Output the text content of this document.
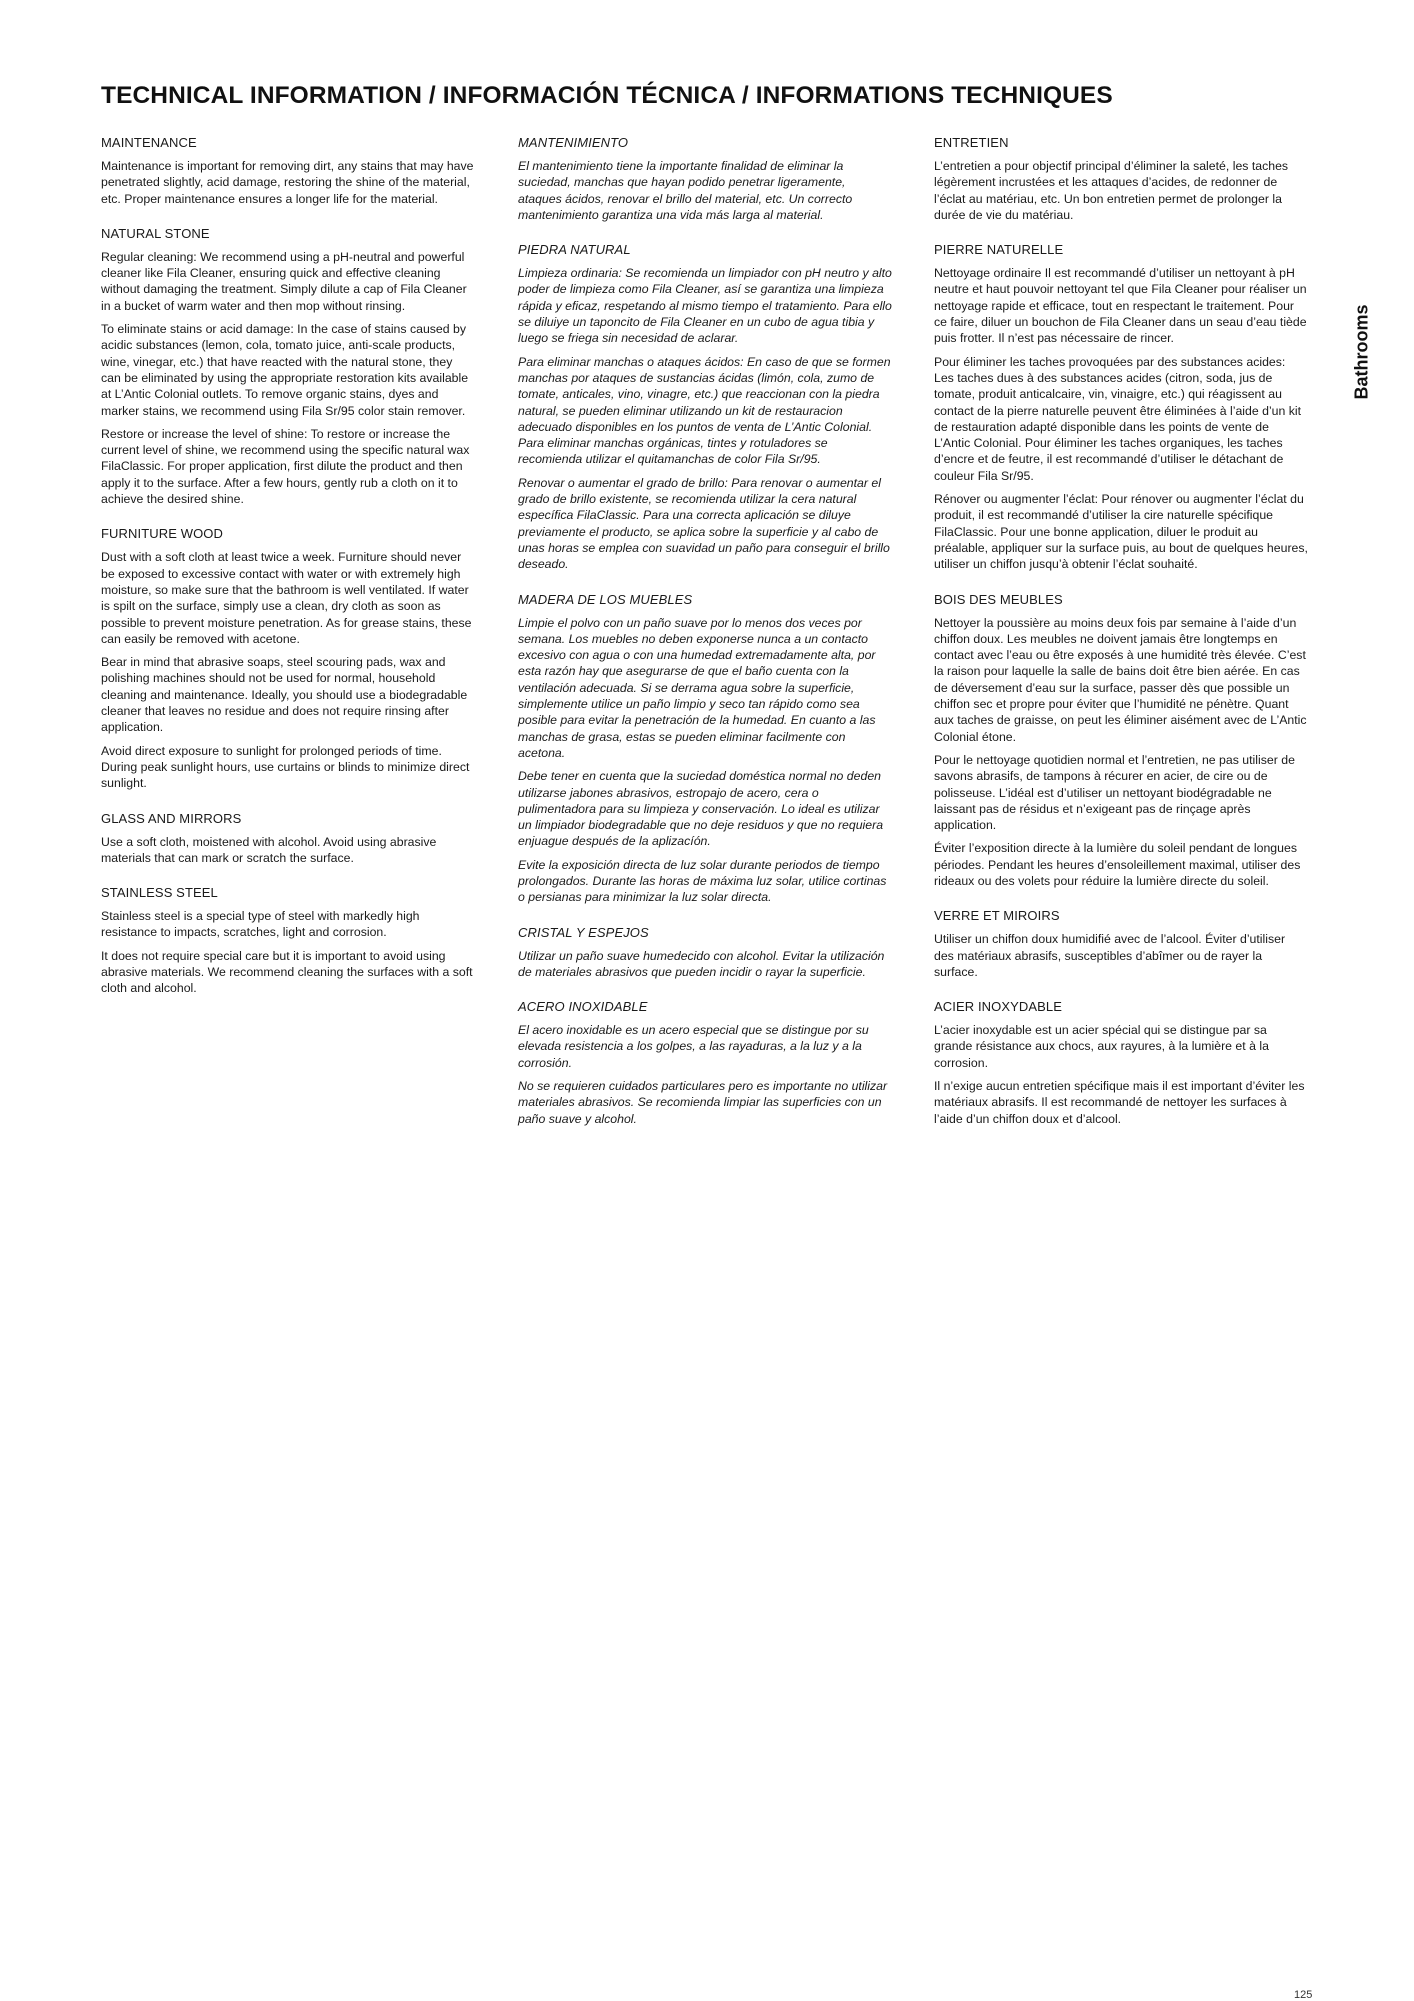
TECHNICAL INFORMATION / INFORMACIÓN TÉCNICA / INFORMATIONS TECHNIQUES
MAINTENANCE

Maintenance is important for removing dirt, any stains that may have penetrated slightly, acid damage, restoring the shine of the material, etc. Proper maintenance ensures a longer life for the material.

NATURAL STONE

Regular cleaning: We recommend using a pH-neutral and powerful cleaner like Fila Cleaner, ensuring quick and effective cleaning without damaging the treatment. Simply dilute a cap of Fila Cleaner in a bucket of warm water and then mop without rinsing.

To eliminate stains or acid damage: In the case of stains caused by acidic substances (lemon, cola, tomato juice, anti-scale products, wine, vinegar, etc.) that have reacted with the natural stone, they can be eliminated by using the appropriate restoration kits available at L’Antic Colonial outlets. To remove organic stains, dyes and marker stains, we recommend using Fila Sr/95 color stain remover.

Restore or increase the level of shine: To restore or increase the current level of shine, we recommend using the specific natural wax FilaClassic. For proper application, first dilute the product and then apply it to the surface. After a few hours, gently rub a cloth on it to achieve the desired shine.

FURNITURE WOOD

Dust with a soft cloth at least twice a week. Furniture should never be exposed to excessive contact with water or with extremely high moisture, so make sure that the bathroom is well ventilated. If water is spilt on the surface, simply use a clean, dry cloth as soon as possible to prevent moisture penetration. As for grease stains, these can easily be removed with acetone.

Bear in mind that abrasive soaps, steel scouring pads, wax and polishing machines should not be used for normal, household cleaning and maintenance. Ideally, you should use a biodegradable cleaner that leaves no residue and does not require rinsing after application.

Avoid direct exposure to sunlight for prolonged periods of time. During peak sunlight hours, use curtains or blinds to minimize direct sunlight.

GLASS AND MIRRORS

Use a soft cloth, moistened with alcohol. Avoid using abrasive materials that can mark or scratch the surface.

STAINLESS STEEL

Stainless steel is a special type of steel with markedly high resistance to impacts, scratches, light and corrosion.

It does not require special care but it is important to avoid using abrasive materials. We recommend cleaning the surfaces with a soft cloth and alcohol.

MANTENIMIENTO

El mantenimiento tiene la importante finalidad de eliminar la suciedad, manchas que hayan podido penetrar ligeramente, ataques ácidos, renovar el brillo del material, etc. Un correcto mantenimiento garantiza una vida más larga al material.

PIEDRA NATURAL

Limpieza ordinaria: Se recomienda un limpiador con pH neutro y alto poder de limpieza como Fila Cleaner, así se garantiza una limpieza rápida y eficaz, respetando al mismo tiempo el tratamiento. Para ello se diluiye un taponcito de Fila Cleaner en un cubo de agua tibia y luego se friega sin necesidad de aclarar.

Para eliminar manchas o ataques ácidos: En caso de que se formen manchas por ataques de sustancias ácidas (limón, cola, zumo de tomate, anticales, vino, vinagre, etc.) que reaccionan con la piedra natural, se pueden eliminar utilizando un kit de restauracion adecuado disponibles en los puntos de venta de L’Antic Colonial. Para eliminar manchas orgánicas, tintes y rotuladores se recomienda utilizar el quitamanchas de color Fila Sr/95.

Renovar o aumentar el grado de brillo: Para renovar o aumentar el grado de brillo existente, se recomienda utilizar la cera natural específica FilaClassic. Para una correcta aplicación se diluye previamente el producto, se aplica sobre la superficie y al cabo de unas horas se emplea con suavidad un paño para conseguir el brillo deseado.

MADERA DE LOS MUEBLES

Limpie el polvo con un paño suave por lo menos dos veces por semana. Los muebles no deben exponerse nunca a un contacto excesivo con agua o con una humedad extremadamente alta, por esta razón hay que asegurarse de que el baño cuenta con la ventilación adecuada. Si se derrama agua sobre la superficie, simplemente utilice un paño limpio y seco tan rápido como sea posible para evitar la penetración de la humedad. En cuanto a las manchas de grasa, estas se pueden eliminar facilmente con acetona.

Debe tener en cuenta que la suciedad doméstica normal no deden utilizarse jabones abrasivos, estropajo de acero, cera o pulimentadora para su limpieza y conservación. Lo ideal es utilizar un limpiador biodegradable que no deje residuos y que no requiera enjuague después de la aplizacíón.

Evite la exposición directa de luz solar durante periodos de tiempo prolongados. Durante las horas de máxima luz solar, utilice cortinas o persianas para minimizar la luz solar directa.

CRISTAL Y ESPEJOS

Utilizar un paño suave humedecido con alcohol. Evitar la utilización de materiales abrasivos que pueden incidir o rayar la superficie.

ACERO INOXIDABLE

El acero inoxidable es un acero especial que se distingue por su elevada resistencia a los golpes, a las rayaduras, a la luz y a la corrosión.

No se requieren cuidados particulares pero es importante no utilizar materiales abrasivos. Se recomienda limpiar las superficies con un paño suave y alcohol.

ENTRETIEN

L’entretien a pour objectif principal d’éliminer la saleté, les taches légèrement incrustées et les attaques d’acides, de redonner de l’éclat au matériau, etc. Un bon entretien permet de prolonger la durée de vie du matériau.

PIERRE NATURELLE

Nettoyage ordinaire Il est recommandé d’utiliser un nettoyant à pH neutre et haut pouvoir nettoyant tel que Fila Cleaner pour réaliser un nettoyage rapide et efficace, tout en respectant le traitement. Pour ce faire, diluer un bouchon de Fila Cleaner dans un seau d’eau tiède puis frotter. Il n’est pas nécessaire de rincer.

Pour éliminer les taches provoquées par des substances acides: Les taches dues à des substances acides (citron, soda, jus de tomate, produit anticalcaire, vin, vinaigre, etc.) qui réagissent au contact de la pierre naturelle peuvent être éliminées à l’aide d’un kit de restauration adapté disponible dans les points de vente de L’Antic Colonial. Pour éliminer les taches organiques, les taches d’encre et de feutre, il est recommandé d’utiliser le détachant de couleur Fila Sr/95.

Rénover ou augmenter l’éclat: Pour rénover ou augmenter l’éclat du produit, il est recommandé d’utiliser la cire naturelle spécifique FilaClassic. Pour une bonne application, diluer le produit au préalable, appliquer sur la surface puis, au bout de quelques heures, utiliser un chiffon jusqu’à obtenir l’éclat souhaité.

BOIS DES MEUBLES

Nettoyer la poussière au moins deux fois par semaine à l’aide d’un chiffon doux. Les meubles ne doivent jamais être longtemps en contact avec l’eau ou être exposés à une humidité très élevée. C’est la raison pour laquelle la salle de bains doit être bien aérée. En cas de déversement d’eau sur la surface, passer dès que possible un chiffon sec et propre pour éviter que l’humidité ne pénètre. Quant aux taches de graisse, on peut les éliminer aisément avec de L’Antic Colonial étone.

Pour le nettoyage quotidien normal et l’entretien, ne pas utiliser de savons abrasifs, de tampons à récurer en acier, de cire ou de polisseuse. L’idéal est d’utiliser un nettoyant biodégradable ne laissant pas de résidus et n’exigeant pas de rinçage après application.

Éviter l’exposition directe à la lumière du soleil pendant de longues périodes. Pendant les heures d’ensoleillement maximal, utiliser des rideaux ou des volets pour réduire la lumière directe du soleil.

VERRE ET MIROIRS

Utiliser un chiffon doux humidifié avec de l’alcool. Éviter d’utiliser des matériaux abrasifs, susceptibles d’abîmer ou de rayer la surface.

ACIER INOXYDABLE

L’acier inoxydable est un acier spécial qui se distingue par sa grande résistance aux chocs, aux rayures, à la lumière et à la corrosion.

Il n’exige aucun entretien spécifique mais il est important d’éviter les matériaux abrasifs. Il est recommandé de nettoyer les surfaces à l’aide d’un chiffon doux et d’alcool.

Bathrooms
125
